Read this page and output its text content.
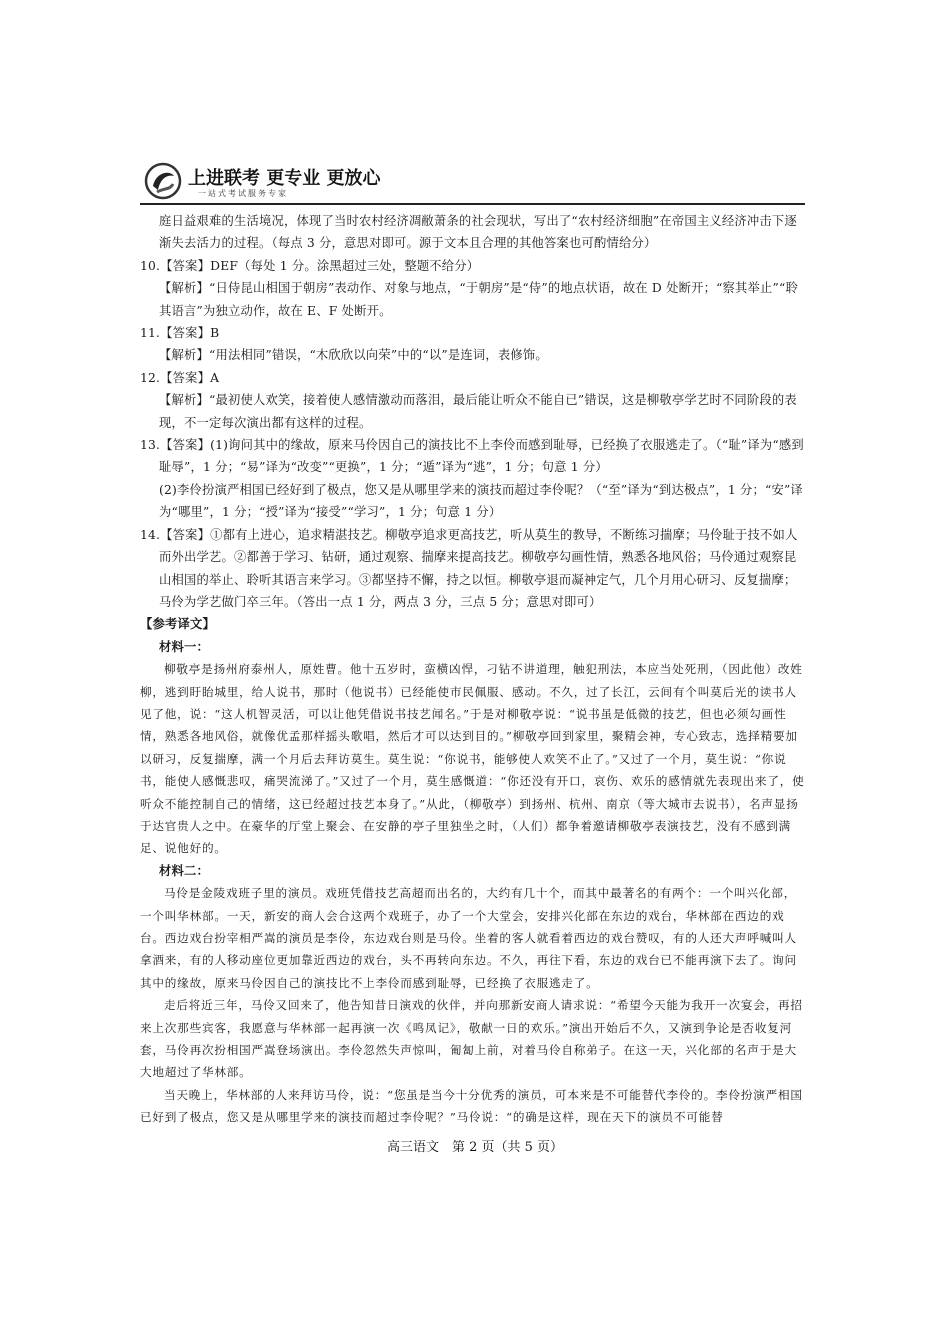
上进联考 更专业 更放心
一站式考试服务专家

庭日益艰难的生活境况，体现了当时农村经济凋敝萧条的社会现状，写出了“农村经济细胞”在帝国主义经济冲击下逐渐失去活力的过程。（每点 3 分，意思对即可。源于文本且合理的其他答案也可酌情给分）

10.【答案】DEF（每处 1 分。涂黑超过三处，整题不给分）

【解析】“日侍昆山相国于朝房”表动作、对象与地点，“于朝房”是“侍”的地点状语，故在 D 处断开；“察其举止”“聆其语言”为独立动作，故在 E、F 处断开。

11.【答案】B

【解析】“用法相同”错误，“木欣欣以向荣”中的“以”是连词，表修饰。

12.【答案】A

【解析】“最初使人欢笑，接着使人感情激动而落泪，最后能让听众不能自已”错误，这是柳敬亭学艺时不同阶段的表现，不一定每次演出都有这样的过程。

13.【答案】(1)询问其中的缘故，原来马伶因自己的演技比不上李伶而感到耻辱，已经换了衣服逃走了。（“耻”译为“感到耻辱”，1 分；“易”译为“改变”“更换”，1 分；“遁”译为“逃”，1 分；句意 1 分）

(2)李伶扮演严相国已经好到了极点，您又是从哪里学来的演技而超过李伶呢？（“至”译为“到达极点”，1 分；“安”译为“哪里”，1 分；“授”译为“接受”“学习”，1 分；句意 1 分）

14.【答案】①都有上进心，追求精湛技艺。柳敬亭追求更高技艺，听从莫生的教导，不断练习揣摩；马伶耻于技不如人而外出学艺。②都善于学习、钻研，通过观察、揣摩来提高技艺。柳敬亭勾画性情，熟悉各地风俗；马伶通过观察昆山相国的举止、聆听其语言来学习。③都坚持不懈，持之以恒。柳敬亭退而凝神定气，几个月用心研习、反复揣摩；马伶为学艺做门卒三年。（答出一点 1 分，两点 3 分，三点 5 分；意思对即可）

【参考译文】

材料一：

柳敬亭是扬州府泰州人，原姓曹。他十五岁时，蛮横凶悍，刁钻不讲道理，触犯刑法，本应当处死刑，（因此他）改姓柳，逃到盱眙城里，给人说书，那时（他说书）已经能使市民佩服、感动。不久，过了长江，云间有个叫莫后光的读书人见了他，说：“这人机智灵活，可以让他凭借说书技艺闻名。”于是对柳敬亭说：“说书虽是低微的技艺，但也必须勾画性情，熟悉各地风俗，就像优孟那样摇头歌唱，然后才可以达到目的。”柳敬亭回到家里，聚精会神，专心致志，选择精要加以研习，反复揣摩，满一个月后去拜访莫生。莫生说：“你说书，能够使人欢笑不止了。”又过了一个月，莫生说：“你说书，能使人感慨悲叹，痛哭流涕了。”又过了一个月，莫生感慨道：“你还没有开口，哀伤、欢乐的感情就先表现出来了，使听众不能控制自己的情绪，这已经超过技艺本身了。”从此，（柳敬亭）到扬州、杭州、南京（等大城市去说书），名声显扬于达官贵人之中。在豪华的厅堂上聚会、在安静的亭子里独坐之时，（人们）都争着邀请柳敬亭表演技艺，没有不感到满足、说他好的。

材料二：

马伶是金陵戏班子里的演员。戏班凭借技艺高超而出名的，大约有几十个，而其中最著名的有两个：一个叫兴化部，一个叫华林部。一天，新安的商人会合这两个戏班子，办了一个大堂会，安排兴化部在东边的戏台，华林部在西边的戏台。西边戏台扮宰相严嵩的演员是李伶，东边戏台则是马伶。坐着的客人就看着西边的戏台赞叹，有的人还大声呼喊叫人拿酒来，有的人移动座位更加靠近西边的戏台，头不再转向东边。不久，再往下看，东边的戏台已不能再演下去了。询问其中的缘故，原来马伶因自己的演技比不上李伶而感到耻辱，已经换了衣服逃走了。

走后将近三年，马伶又回来了，他告知昔日演戏的伙伴，并向那新安商人请求说：“希望今天能为我开一次宴会，再招来上次那些宾客，我愿意与华林部一起再演一次《鸣凤记》，敬献一日的欢乐。”演出开始后不久，又演到争论是否收复河套，马伶再次扮相国严嵩登场演出。李伶忽然失声惊叫，匍匐上前，对着马伶自称弟子。在这一天，兴化部的名声于是大大地超过了华林部。

当天晚上，华林部的人来拜访马伶，说：“您虽是当今十分优秀的演员，可本来是不可能替代李伶的。李伶扮演严相国已好到了极点，您又是从哪里学来的演技而超过李伶呢？”马伶说：“的确是这样，现在天下的演员不可能替

高三语文　第 2 页（共 5 页）
